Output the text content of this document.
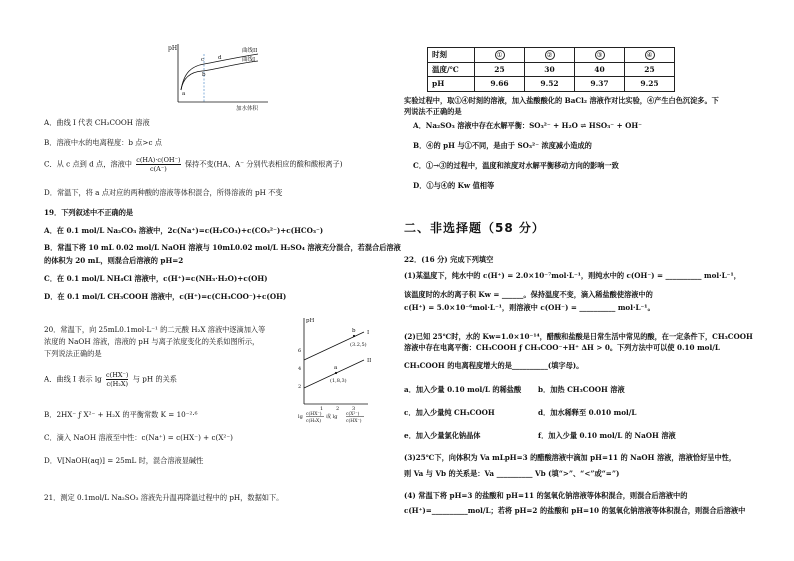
pH	曲线II
曲线I
a
b
c	d
加水体积
A．曲线 I 代表 CH₃COOH 溶液
B．溶液中水的电离程度：b 点>c 点
C．从 c 点到 d 点，溶液中 $\frac{c(HA)\cdot c(OH^-)}{c(A^-)}$ 保持不变(HA、A⁻ 分别代表相应的酸和酸根离子)
D．常温下，将 a 点对应的两种酸的溶液等体积混合，所得溶液的 pH 不变
19．下列叙述中不正确的是
A．在 0.1 mol/L Na₂CO₃ 溶液中，2c(Na⁺)=c(H₂CO₃)+c(CO₃²⁻)+c(HCO₃⁻)
B．常温下将 10 mL 0.02 mol/L NaOH 溶液与 10mL0.02 mol/L H₂SO₄ 溶液充分混合，若混合后溶液
的体积为 20 mL，则混合后溶液的 pH=2
C．在 0.1 mol/L NH₄Cl 溶液中，c(H⁺)=c(NH₃·H₂O)+c(OH)
D．在 0.1 mol/L CH₃COOH 溶液中，c(H⁺)=c(CH₃COO⁻)+c(OH)
20．常温下，向 25mL0.1mol·L⁻¹ 的二元酸 H₂X 溶液中逐滴加入等
浓度的 NaOH 溶液，溶液的 pH 与离子浓度变化的关系如图所示，
下列说法正确的是
A．曲线 I 表示 $\lg \frac{c(HX^-)}{\text{c(H₂X)}}$ 与 pH 的关系
B．2HX⁻ ƒ X²⁻ + H₂X 的平衡常数 K = 10⁻²·⁶
C．滴入 NaOH 溶液至中性：c(Na⁺) = c(HX⁻) + c(X²⁻)
D．V[NaOH(aq)] = 25mL 时，混合溶液显碱性
pH
6
4
2
1	2	3
I
II
b
(3.2,5)
a
(1,8,3)
lg c(HX⁻)
c(H₂X)
或 lg c(X²⁻)
c(HX⁻)
21．测定 0.1mol/L Na₂SO₃ 溶液先升温再降温过程中的 pH，数据如下。
时刻	①	②	③	④
温度/℃	25	30	40	25
pH	9.66	9.52	9.37	9.25
实验过程中，取①④时刻的溶液，加入盐酸酸化的 BaCl₂ 溶液作对比实验，④产生白色沉淀多。下
列说法不正确的是
A．Na₂SO₃ 溶液中存在水解平衡：SO₃²⁻ + H₂O ⇌ HSO₃⁻ + OH⁻
B．④的 pH 与①不同，是由于 SO₃²⁻ 浓度减小造成的
C．①→③的过程中，温度和浓度对水解平衡移动方向的影响一致
D．①与④的 Kw 值相等
二、非选择题（58 分）
22．(16 分) 完成下列填空
(1)某温度下，纯水中的 c(H⁺) = 2.0×10⁻⁷mol·L⁻¹，则纯水中的 c(OH⁻) = __________ mol·L⁻¹，
该温度时的水的离子积 Kw = ______。保持温度不变，滴入稀盐酸使溶液中的
c(H⁺) = 5.0×10⁻⁶mol·L⁻¹，则溶液中 c(OH⁻) = __________ mol·L⁻¹。
(2)已知 25℃时，水的 Kw=1.0×10⁻¹⁴，醋酸和盐酸是日常生活中常见的酸，在一定条件下，CH₃COOH
溶液中存在电离平衡：CH₃COOH ƒ CH₃COO⁻+H⁺ ΔH > 0。下列方法中可以使 0.10 mol/L
CH₃COOH 的电离程度增大的是__________(填字母)。
a．加入少量 0.10 mol/L 的稀盐酸 b．加热 CH₃COOH 溶液
c．加入少量纯 CH₃COOH	d．加水稀释至 0.010 mol/L
e．加入少量氯化钠晶体	f．加入少量 0.10 mol/L 的 NaOH 溶液
(3)25℃下，向体积为 Va mLpH=3 的醋酸溶液中滴加 pH=11 的 NaOH 溶液，溶液恰好呈中性，
则 Va 与 Vb 的关系是：Va __________ Vb (填“>”、“<”或“=”)
(4) 常温下将 pH=3 的盐酸和 pH=11 的氢氧化钠溶液等体积混合，则混合后溶液中的
c(H⁺)=__________mol/L；若将 pH=2 的盐酸和 pH=10 的氢氧化钠溶液等体积混合，则混合后溶液中
